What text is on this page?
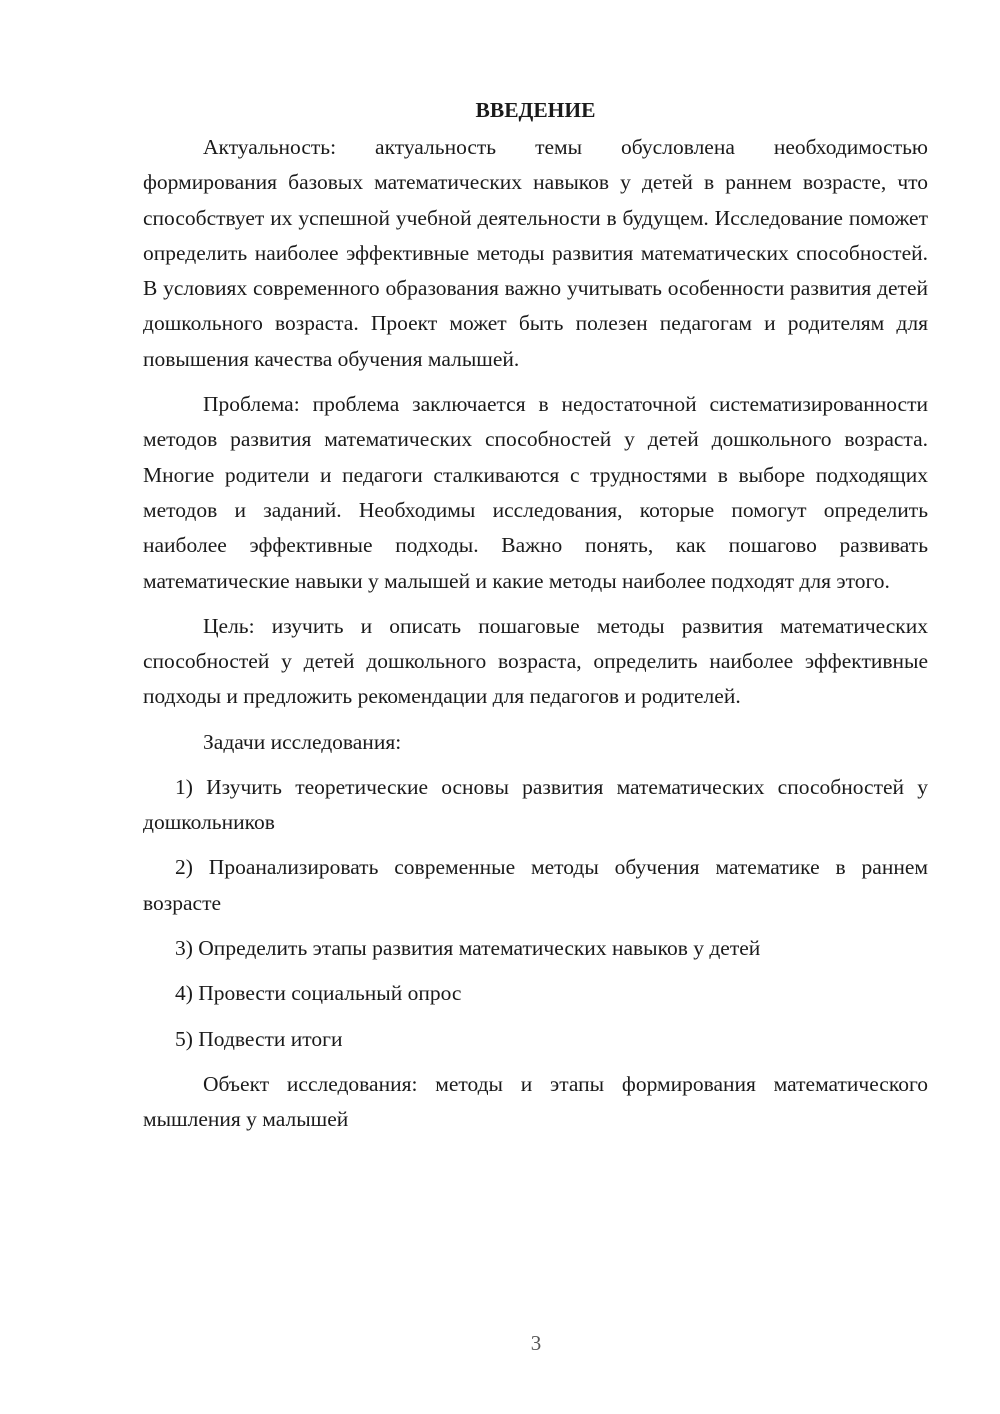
ВВЕДЕНИЕ

Актуальность: актуальность темы обусловлена необходимостью формирования базовых математических навыков у детей в раннем возрасте, что способствует их успешной учебной деятельности в будущем. Исследование поможет определить наиболее эффективные методы развития математических способностей. В условиях современного образования важно учитывать особенности развития детей дошкольного возраста. Проект может быть полезен педагогам и родителям для повышения качества обучения малышей.

Проблема: проблема заключается в недостаточной систематизированности методов развития математических способностей у детей дошкольного возраста. Многие родители и педагоги сталкиваются с трудностями в выборе подходящих методов и заданий. Необходимы исследования, которые помогут определить наиболее эффективные подходы. Важно понять, как пошагово развивать математические навыки у малышей и какие методы наиболее подходят для этого.

Цель: изучить и описать пошаговые методы развития математических способностей у детей дошкольного возраста, определить наиболее эффективные подходы и предложить рекомендации для педагогов и родителей.

Задачи исследования:

1) Изучить теоретические основы развития математических способностей у дошкольников

2) Проанализировать современные методы обучения математике в раннем возрасте

3) Определить этапы развития математических навыков у детей

4) Провести социальный опрос

5) Подвести итоги

Объект исследования: методы и этапы формирования математического мышления у малышей

3
